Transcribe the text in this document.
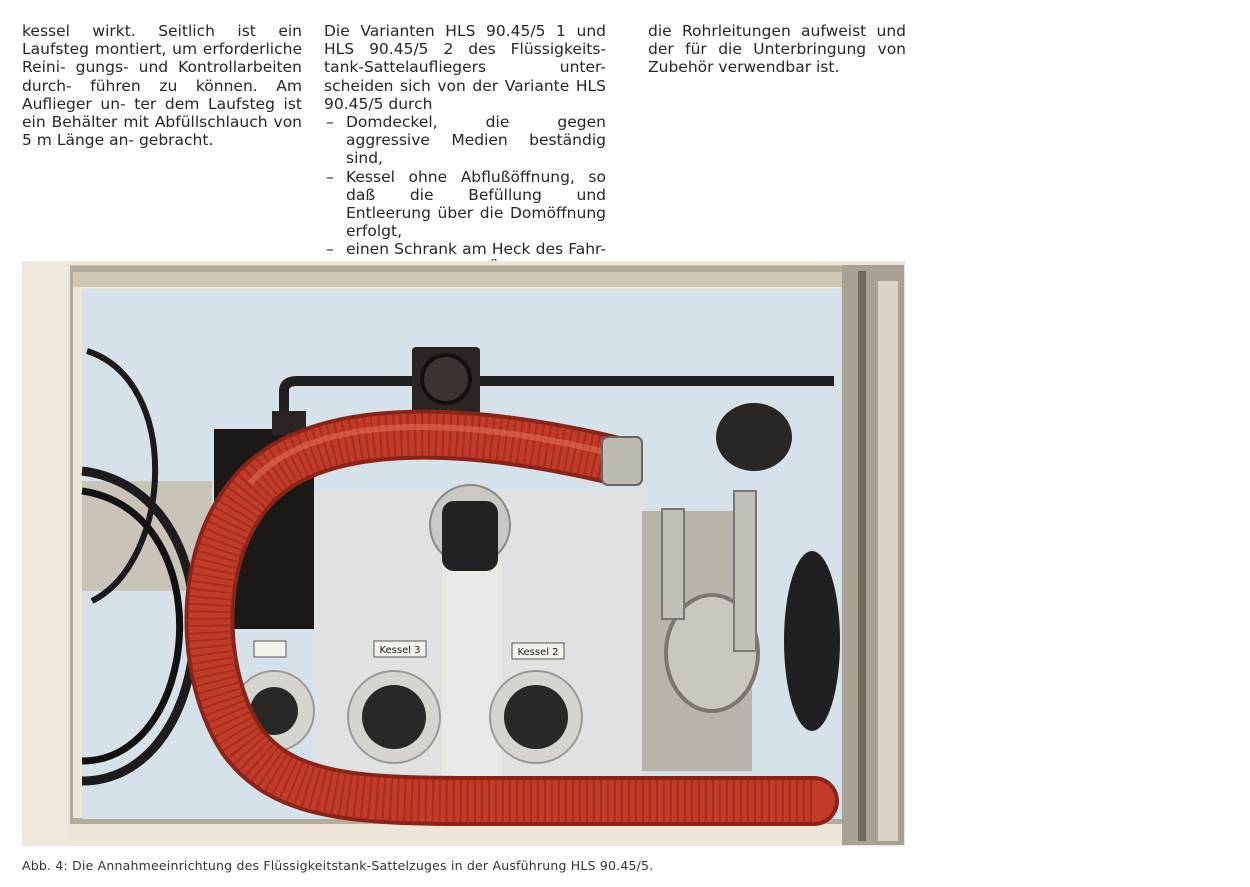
kessel wirkt. Seitlich ist ein Laufsteg montiert, um erforderliche Reini- gungs- und Kontrollarbeiten durch- führen zu können. Am Auflieger un- ter dem Laufsteg ist ein Behälter mit Abfüllschlauch von 5 m Länge an- gebracht.

Die Varianten HLS 90.45/5 1 und HLS 90.45/5 2 des Flüssigkeits- tank-Sattelaufliegers unter- scheiden sich von der Variante HLS 90.45/5 durch

– Domdeckel, die gegen aggressive Medien beständig sind,
– Kessel ohne Abflußöffnung, so daß die Befüllung und Entleerung über die Domöffnung erfolgt,
– einen Schrank am Heck des Fahr-

die Rohrleitungen aufweist und der für die Unterbringung von Zubehör verwendbar ist.

Kessel 3	Kessel 2
Abb. 4: Die Annahmeeinrichtung des Flüssigkeitstank-Sattelzuges in der Ausführung HLS 90.45/5.
